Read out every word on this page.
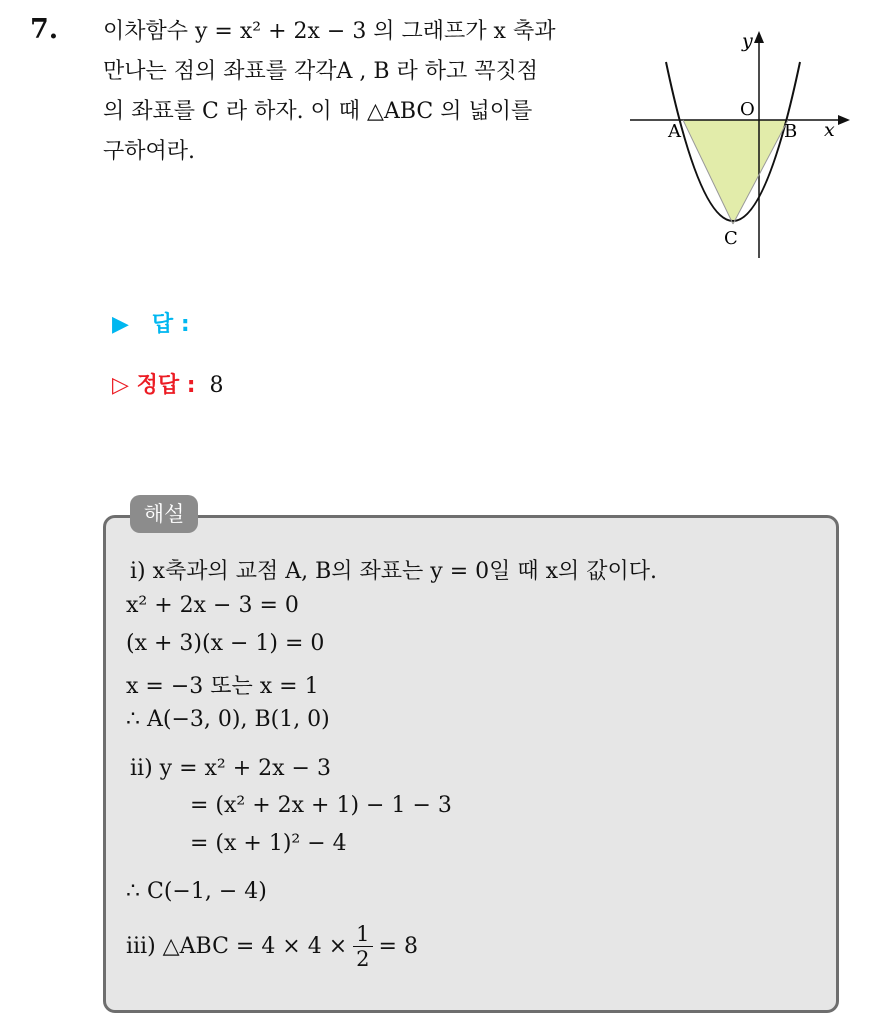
7. 이차함수 y = x² + 2x − 3 의 그래프가 x 축과
만나는 점의 좌표를 각각A , B 라 하고 꼭짓점
의 좌표를 C 라 하자. 이 때 △ABC 의 넓이를
구하여라.
y
x
O
A	B
C
▶   답 :
▷ 정답 : 8
해설
ⅰ) x축과의 교점 A, B의 좌표는 y = 0일 때 x의 값이다.
x² + 2x − 3 = 0
(x + 3)(x − 1) = 0
x = −3 또는 x = 1
∴ A(−3, 0), B(1, 0)
ⅱ) y = x² + 2x − 3
= (x² + 2x + 1) − 1 − 3
= (x + 1)² − 4
∴ C(−1, − 4)
ⅲ) △ABC = $4 \times 4 \times \frac{1}{2} = 8$
